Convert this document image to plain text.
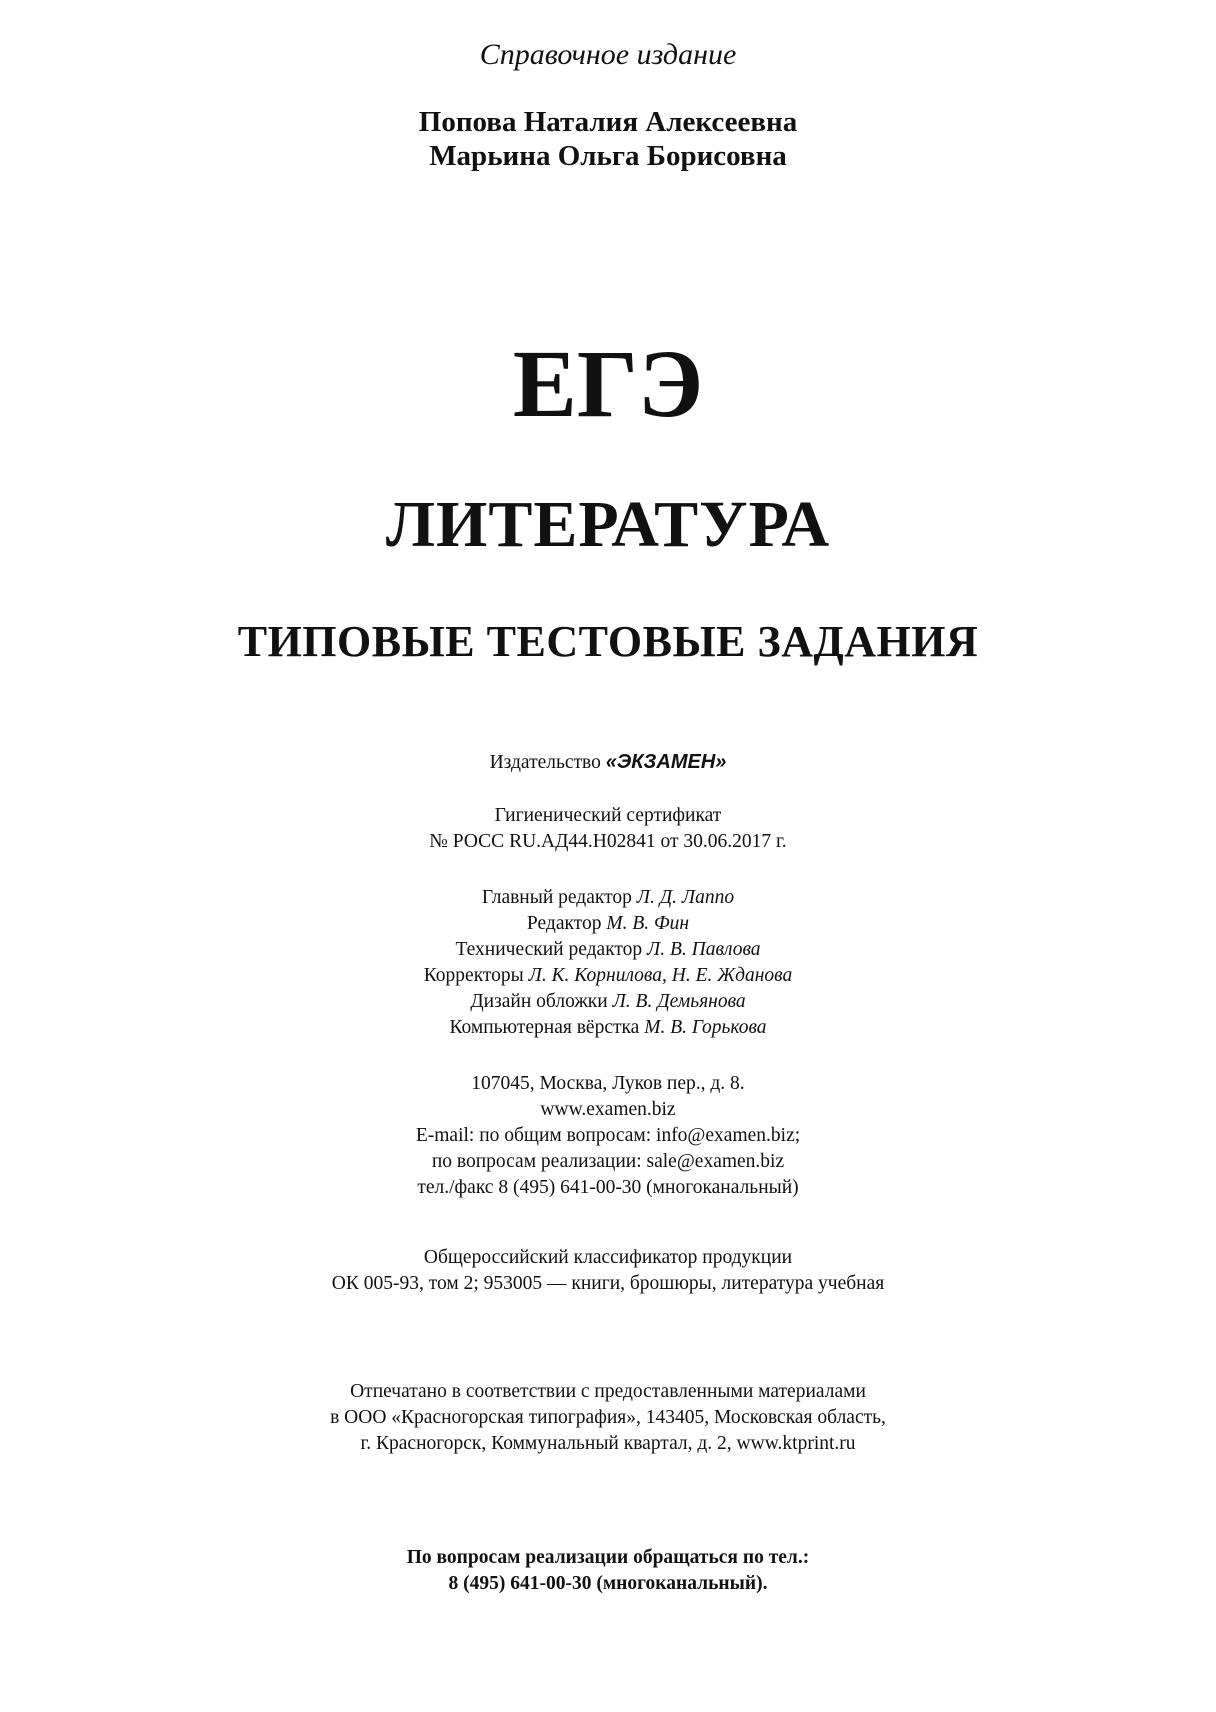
Справочное издание
Попова Наталия Алексеевна
Марьина Ольга Борисовна
ЕГЭ
ЛИТЕРАТУРА
ТИПОВЫЕ ТЕСТОВЫЕ ЗАДАНИЯ
Издательство «ЭКЗАМЕН»
Гигиенический сертификат
№ РОСС RU.АД44.Н02841 от 30.06.2017 г.
Главный редактор Л. Д. Лаппо
Редактор М. В. Фин
Технический редактор Л. В. Павлова
Корректоры Л. К. Корнилова, Н. Е. Жданова
Дизайн обложки Л. В. Демьянова
Компьютерная вёрстка М. В. Горькова
107045, Москва, Луков пер., д. 8.
www.examen.biz
E-mail: по общим вопросам: info@examen.biz;
по вопросам реализации: sale@examen.biz
тел./факс 8 (495) 641-00-30 (многоканальный)
Общероссийский классификатор продукции
ОК 005-93, том 2; 953005 — книги, брошюры, литература учебная
Отпечатано в соответствии с предоставленными материалами
в ООО «Красногорская типография», 143405, Московская область,
г. Красногорск, Коммунальный квартал, д. 2, www.ktprint.ru
По вопросам реализации обращаться по тел.:
8 (495) 641-00-30 (многоканальный).
